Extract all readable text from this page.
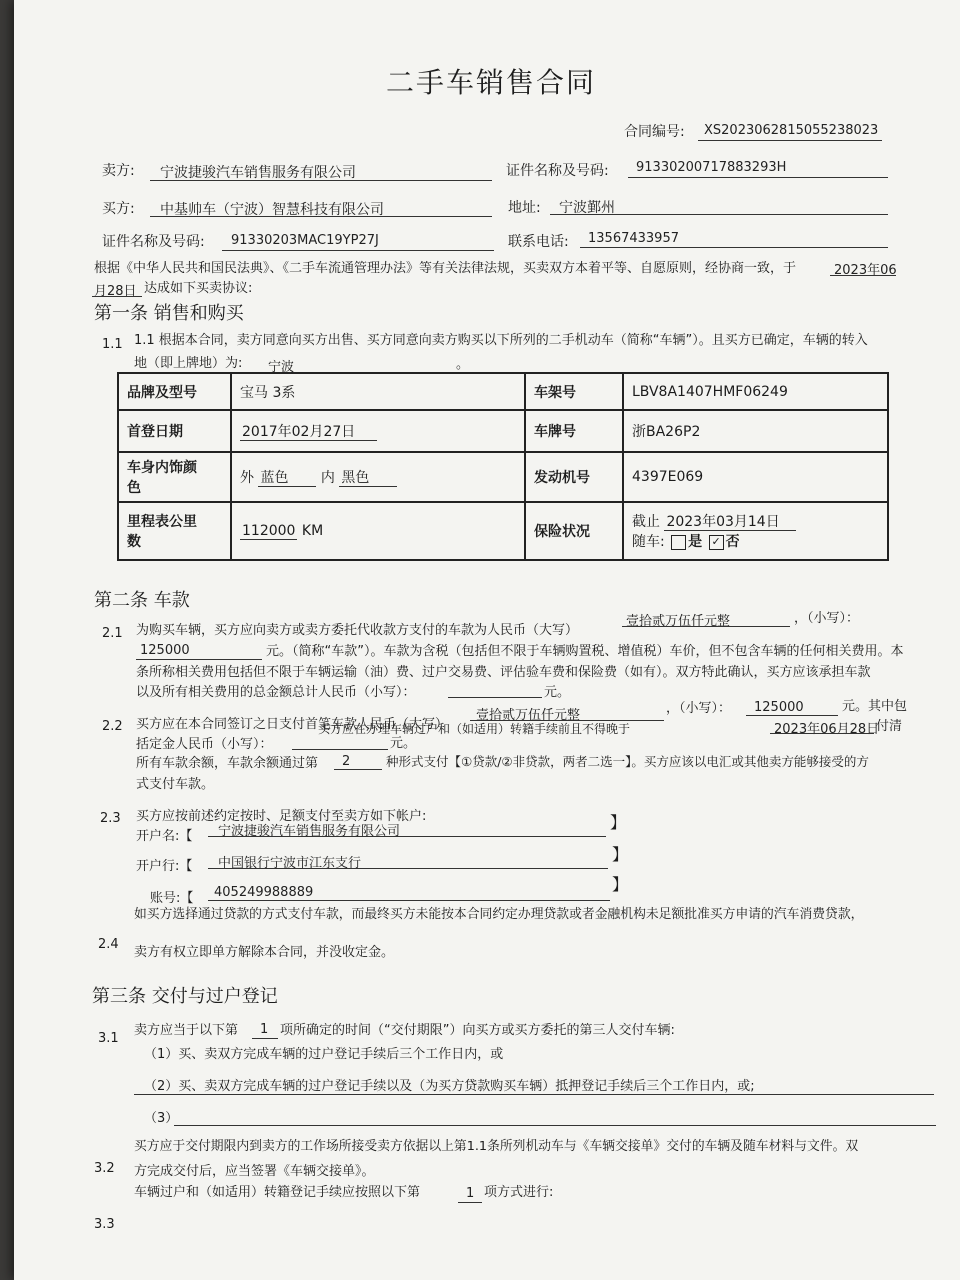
二手车销售合同
合同编号: XS2023062815055238023
卖方: 宁波捷骏汽车销售服务有限公司	证件名称及号码: 91330200717883293H
买方: 中基帅车（宁波）智慧科技有限公司	地址: 宁波鄞州
证件名称及号码: 91330203MAC19YP27J	联系电话: 13567433957
根据《中华人民共和国民法典》、《二手车流通管理办法》等有关法律法规，买卖双方本着平等、自愿原则，经协商一致，于	2023年06
月28日 达成如下买卖协议:
第一条 销售和购买
1.1 1.1 根据本合同，卖方同意向买方出售、买方同意向卖方购买以下所列的二手机动车（简称“车辆”）。且买方已确定，车辆的转入
地（即上牌地）为: 宁波	。
品牌及型号	宝马 3系	车架号	LBV8A1407HMF06249
首登日期	2017年02月27日	车牌号	浙BA26P2
车身内饰颜
色	外 蓝色 内 黑色	发动机号	4397E069
里程表公里
数	112000 KM	保险状况	截止 2023年03月14日
随车: 是 ✓ 否
第二条 车款
2.1 为购买车辆，买方应向卖方或卖方委托代收款方支付的车款为人民币（大写）
壹拾贰万伍仟元整	，（小写）：
125000	元。（简称“车款”）。车款为含税（包括但不限于车辆购置税、增值税）车价，但不包含车辆的任何相关费用。本
条所称相关费用包括但不限于车辆运输（油）费、过户交易费、评估验车费和保险费（如有）。双方特此确认，买方应该承担车款
以及所有相关费用的总金额总计人民币（小写）：	元。
2.2 买方应在本合同签订之日支付首笔车款人民币（大写）
壹拾贰万伍仟元整	，（小写）： 125000	元。其中包
买方应在办理车辆过户和（如适用）转籍手续前且不得晚于	2023年06月28日
付清
括定金人民币（小写）：	元。
所有车款余额，车款余额通过第 2	种形式支付【①贷款/②非贷款，两者二选一】。买方应该以电汇或其他卖方能够接受的方
式支付车款。
2.3 买方应按前述约定按时、足额支付至卖方如下帐户:
开户名:【 宁波捷骏汽车销售服务有限公司	】
开户行:【 中国银行宁波市江东支行	】
账号:【 405249988889	】
2.4
如买方选择通过贷款的方式支付车款，而最终买方未能按本合同约定办理贷款或者金融机构未足额批准买方申请的汽车消费贷款，
卖方有权立即单方解除本合同，并没收定金。
第三条 交付与过户登记
3.1
卖方应当于以下第 1 项所确定的时间（“交付期限”）向买方或买方委托的第三人交付车辆:
（1）买、卖双方完成车辆的过户登记手续后三个工作日内，或
（2）买、卖双方完成车辆的过户登记手续以及（为买方贷款购买车辆）抵押登记手续后三个工作日内，或;
（3）
3.2
买方应于交付期限内到卖方的工作场所接受卖方依据以上第1.1条所列机动车与《车辆交接单》交付的车辆及随车材料与文件。双
方完成交付后，应当签署《车辆交接单》。
3.3
车辆过户和（如适用）转籍登记手续应按照以下第	1 项方式进行:
